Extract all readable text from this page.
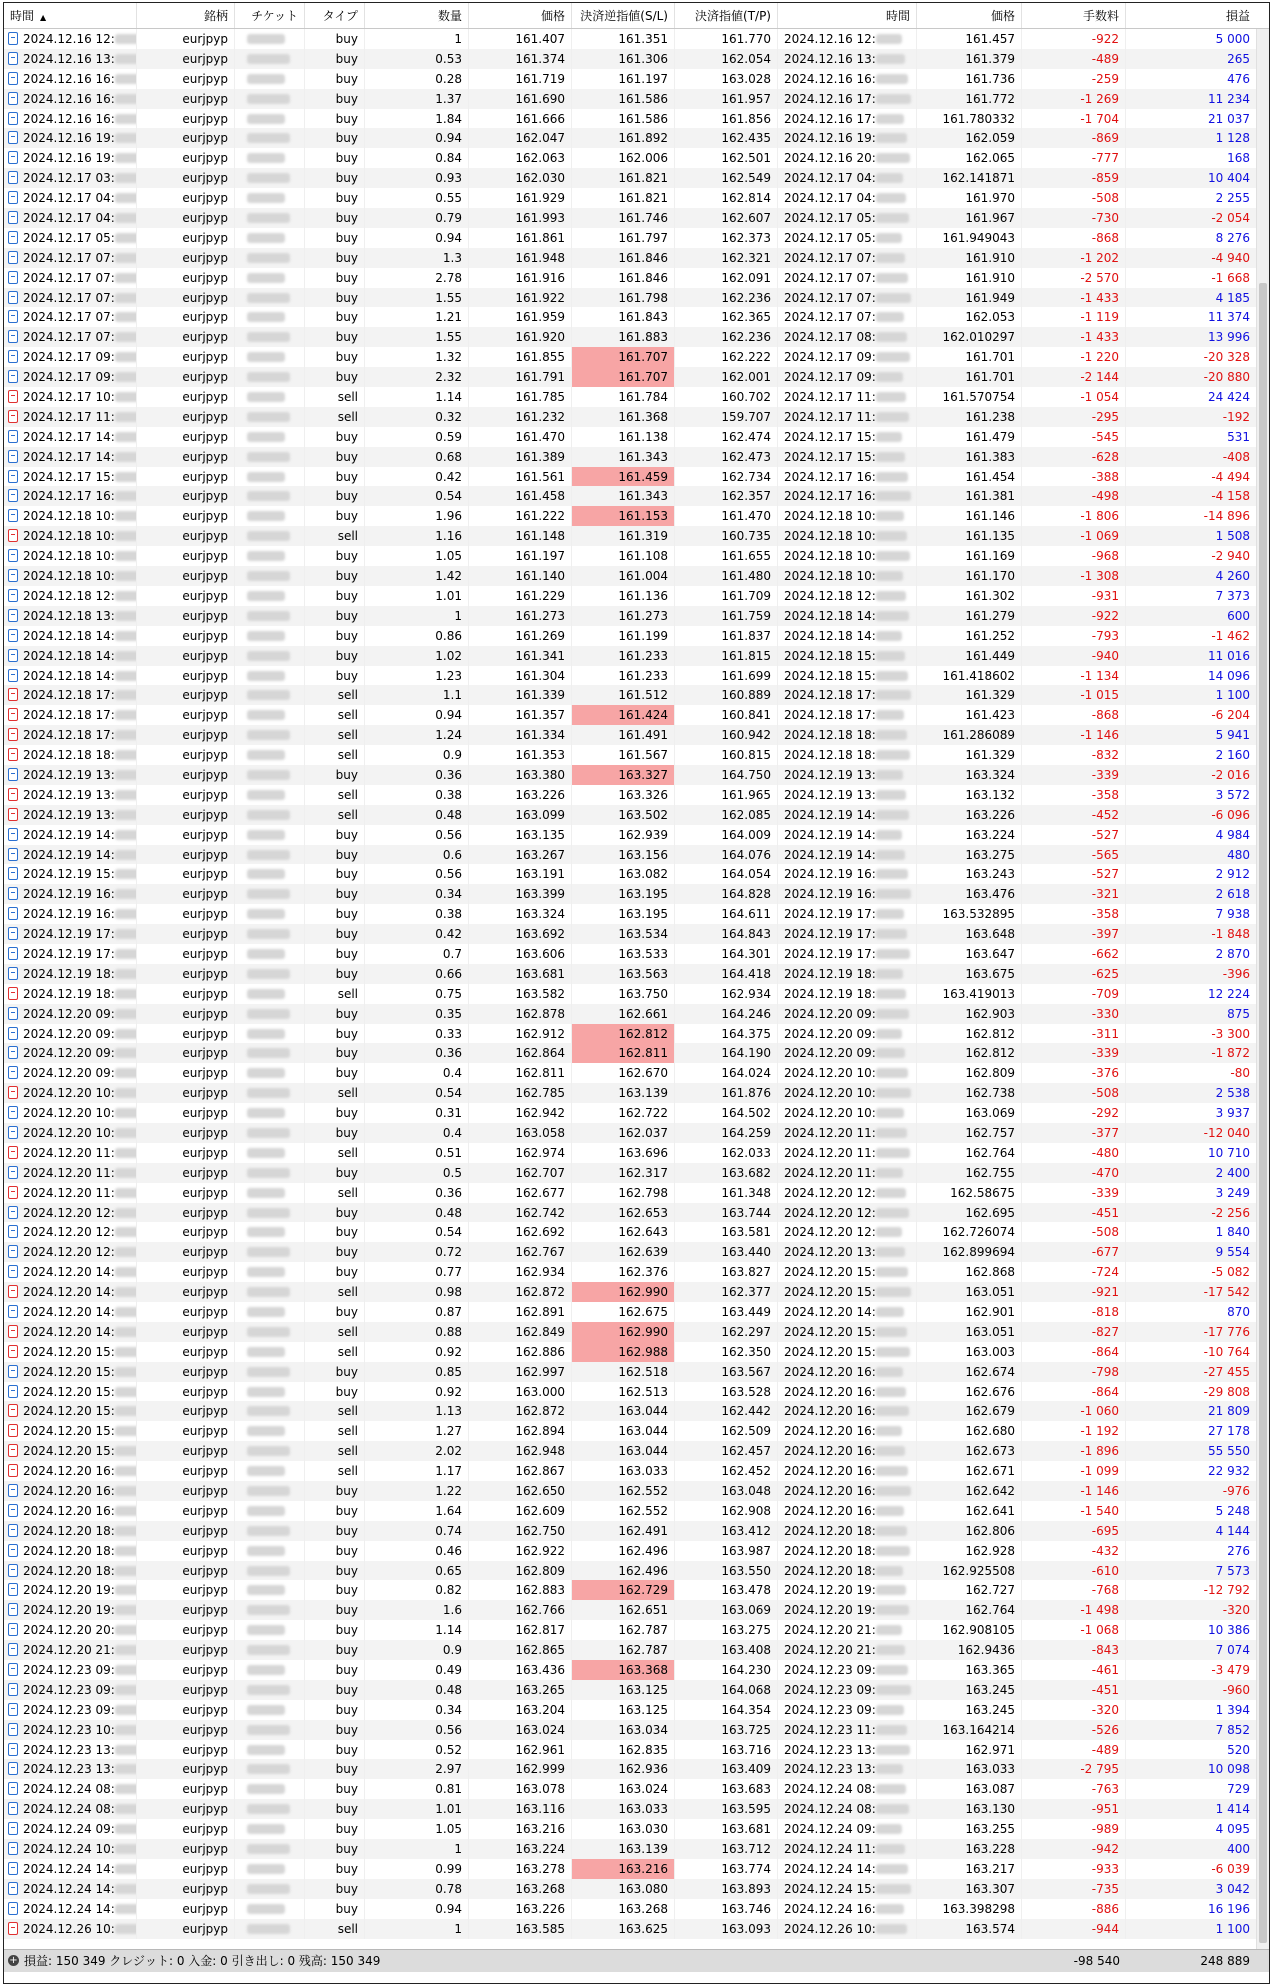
時間 ▲	銘柄	チケット	タイプ	数量	価格	決済逆指値(S/L)	決済指値(T/P)	時間	価格	手数料	損益
2024.12.16 12:	eurjpyp	buy	1	161.407	161.351	161.770	2024.12.16 12:	161.457	-922	5 000
2024.12.16 13:	eurjpyp	buy	0.53	161.374	161.306	162.054	2024.12.16 13:	161.379	-489	265
2024.12.16 16:	eurjpyp	buy	0.28	161.719	161.197	163.028	2024.12.16 16:	161.736	-259	476
2024.12.16 16:	eurjpyp	buy	1.37	161.690	161.586	161.957	2024.12.16 17:	161.772	-1 269	11 234
2024.12.16 16:	eurjpyp	buy	1.84	161.666	161.586	161.856	2024.12.16 17:	161.780332	-1 704	21 037
2024.12.16 19:	eurjpyp	buy	0.94	162.047	161.892	162.435	2024.12.16 19:	162.059	-869	1 128
2024.12.16 19:	eurjpyp	buy	0.84	162.063	162.006	162.501	2024.12.16 20:	162.065	-777	168
2024.12.17 03:	eurjpyp	buy	0.93	162.030	161.821	162.549	2024.12.17 04:	162.141871	-859	10 404
2024.12.17 04:	eurjpyp	buy	0.55	161.929	161.821	162.814	2024.12.17 04:	161.970	-508	2 255
2024.12.17 04:	eurjpyp	buy	0.79	161.993	161.746	162.607	2024.12.17 05:	161.967	-730	-2 054
2024.12.17 05:	eurjpyp	buy	0.94	161.861	161.797	162.373	2024.12.17 05:	161.949043	-868	8 276
2024.12.17 07:	eurjpyp	buy	1.3	161.948	161.846	162.321	2024.12.17 07:	161.910	-1 202	-4 940
2024.12.17 07:	eurjpyp	buy	2.78	161.916	161.846	162.091	2024.12.17 07:	161.910	-2 570	-1 668
2024.12.17 07:	eurjpyp	buy	1.55	161.922	161.798	162.236	2024.12.17 07:	161.949	-1 433	4 185
2024.12.17 07:	eurjpyp	buy	1.21	161.959	161.843	162.365	2024.12.17 07:	162.053	-1 119	11 374
2024.12.17 07:	eurjpyp	buy	1.55	161.920	161.883	162.236	2024.12.17 08:	162.010297	-1 433	13 996
2024.12.17 09:	eurjpyp	buy	1.32	161.855	161.707	162.222	2024.12.17 09:	161.701	-1 220	-20 328
2024.12.17 09:	eurjpyp	buy	2.32	161.791	161.707	162.001	2024.12.17 09:	161.701	-2 144	-20 880
2024.12.17 10:	eurjpyp	sell	1.14	161.785	161.784	160.702	2024.12.17 11:	161.570754	-1 054	24 424
2024.12.17 11:	eurjpyp	sell	0.32	161.232	161.368	159.707	2024.12.17 11:	161.238	-295	-192
2024.12.17 14:	eurjpyp	buy	0.59	161.470	161.138	162.474	2024.12.17 15:	161.479	-545	531
2024.12.17 14:	eurjpyp	buy	0.68	161.389	161.343	162.473	2024.12.17 15:	161.383	-628	-408
2024.12.17 15:	eurjpyp	buy	0.42	161.561	161.459	162.734	2024.12.17 16:	161.454	-388	-4 494
2024.12.17 16:	eurjpyp	buy	0.54	161.458	161.343	162.357	2024.12.17 16:	161.381	-498	-4 158
2024.12.18 10:	eurjpyp	buy	1.96	161.222	161.153	161.470	2024.12.18 10:	161.146	-1 806	-14 896
2024.12.18 10:	eurjpyp	sell	1.16	161.148	161.319	160.735	2024.12.18 10:	161.135	-1 069	1 508
2024.12.18 10:	eurjpyp	buy	1.05	161.197	161.108	161.655	2024.12.18 10:	161.169	-968	-2 940
2024.12.18 10:	eurjpyp	buy	1.42	161.140	161.004	161.480	2024.12.18 10:	161.170	-1 308	4 260
2024.12.18 12:	eurjpyp	buy	1.01	161.229	161.136	161.709	2024.12.18 12:	161.302	-931	7 373
2024.12.18 13:	eurjpyp	buy	1	161.273	161.273	161.759	2024.12.18 14:	161.279	-922	600
2024.12.18 14:	eurjpyp	buy	0.86	161.269	161.199	161.837	2024.12.18 14:	161.252	-793	-1 462
2024.12.18 14:	eurjpyp	buy	1.02	161.341	161.233	161.815	2024.12.18 15:	161.449	-940	11 016
2024.12.18 14:	eurjpyp	buy	1.23	161.304	161.233	161.699	2024.12.18 15:	161.418602	-1 134	14 096
2024.12.18 17:	eurjpyp	sell	1.1	161.339	161.512	160.889	2024.12.18 17:	161.329	-1 015	1 100
2024.12.18 17:	eurjpyp	sell	0.94	161.357	161.424	160.841	2024.12.18 17:	161.423	-868	-6 204
2024.12.18 17:	eurjpyp	sell	1.24	161.334	161.491	160.942	2024.12.18 18:	161.286089	-1 146	5 941
2024.12.18 18:	eurjpyp	sell	0.9	161.353	161.567	160.815	2024.12.18 18:	161.329	-832	2 160
2024.12.19 13:	eurjpyp	buy	0.36	163.380	163.327	164.750	2024.12.19 13:	163.324	-339	-2 016
2024.12.19 13:	eurjpyp	sell	0.38	163.226	163.326	161.965	2024.12.19 13:	163.132	-358	3 572
2024.12.19 13:	eurjpyp	sell	0.48	163.099	163.502	162.085	2024.12.19 14:	163.226	-452	-6 096
2024.12.19 14:	eurjpyp	buy	0.56	163.135	162.939	164.009	2024.12.19 14:	163.224	-527	4 984
2024.12.19 14:	eurjpyp	buy	0.6	163.267	163.156	164.076	2024.12.19 14:	163.275	-565	480
2024.12.19 15:	eurjpyp	buy	0.56	163.191	163.082	164.054	2024.12.19 16:	163.243	-527	2 912
2024.12.19 16:	eurjpyp	buy	0.34	163.399	163.195	164.828	2024.12.19 16:	163.476	-321	2 618
2024.12.19 16:	eurjpyp	buy	0.38	163.324	163.195	164.611	2024.12.19 17:	163.532895	-358	7 938
2024.12.19 17:	eurjpyp	buy	0.42	163.692	163.534	164.843	2024.12.19 17:	163.648	-397	-1 848
2024.12.19 17:	eurjpyp	buy	0.7	163.606	163.533	164.301	2024.12.19 17:	163.647	-662	2 870
2024.12.19 18:	eurjpyp	buy	0.66	163.681	163.563	164.418	2024.12.19 18:	163.675	-625	-396
2024.12.19 18:	eurjpyp	sell	0.75	163.582	163.750	162.934	2024.12.19 18:	163.419013	-709	12 224
2024.12.20 09:	eurjpyp	buy	0.35	162.878	162.661	164.246	2024.12.20 09:	162.903	-330	875
2024.12.20 09:	eurjpyp	buy	0.33	162.912	162.812	164.375	2024.12.20 09:	162.812	-311	-3 300
2024.12.20 09:	eurjpyp	buy	0.36	162.864	162.811	164.190	2024.12.20 09:	162.812	-339	-1 872
2024.12.20 09:	eurjpyp	buy	0.4	162.811	162.670	164.024	2024.12.20 10:	162.809	-376	-80
2024.12.20 10:	eurjpyp	sell	0.54	162.785	163.139	161.876	2024.12.20 10:	162.738	-508	2 538
2024.12.20 10:	eurjpyp	buy	0.31	162.942	162.722	164.502	2024.12.20 10:	163.069	-292	3 937
2024.12.20 10:	eurjpyp	buy	0.4	163.058	162.037	164.259	2024.12.20 11:	162.757	-377	-12 040
2024.12.20 11:	eurjpyp	sell	0.51	162.974	163.696	162.033	2024.12.20 11:	162.764	-480	10 710
2024.12.20 11:	eurjpyp	buy	0.5	162.707	162.317	163.682	2024.12.20 11:	162.755	-470	2 400
2024.12.20 11:	eurjpyp	sell	0.36	162.677	162.798	161.348	2024.12.20 12:	162.58675	-339	3 249
2024.12.20 12:	eurjpyp	buy	0.48	162.742	162.653	163.744	2024.12.20 12:	162.695	-451	-2 256
2024.12.20 12:	eurjpyp	buy	0.54	162.692	162.643	163.581	2024.12.20 12:	162.726074	-508	1 840
2024.12.20 12:	eurjpyp	buy	0.72	162.767	162.639	163.440	2024.12.20 13:	162.899694	-677	9 554
2024.12.20 14:	eurjpyp	buy	0.77	162.934	162.376	163.827	2024.12.20 15:	162.868	-724	-5 082
2024.12.20 14:	eurjpyp	sell	0.98	162.872	162.990	162.377	2024.12.20 15:	163.051	-921	-17 542
2024.12.20 14:	eurjpyp	buy	0.87	162.891	162.675	163.449	2024.12.20 14:	162.901	-818	870
2024.12.20 14:	eurjpyp	sell	0.88	162.849	162.990	162.297	2024.12.20 15:	163.051	-827	-17 776
2024.12.20 15:	eurjpyp	sell	0.92	162.886	162.988	162.350	2024.12.20 15:	163.003	-864	-10 764
2024.12.20 15:	eurjpyp	buy	0.85	162.997	162.518	163.567	2024.12.20 16:	162.674	-798	-27 455
2024.12.20 15:	eurjpyp	buy	0.92	163.000	162.513	163.528	2024.12.20 16:	162.676	-864	-29 808
2024.12.20 15:	eurjpyp	sell	1.13	162.872	163.044	162.442	2024.12.20 16:	162.679	-1 060	21 809
2024.12.20 15:	eurjpyp	sell	1.27	162.894	163.044	162.509	2024.12.20 16:	162.680	-1 192	27 178
2024.12.20 15:	eurjpyp	sell	2.02	162.948	163.044	162.457	2024.12.20 16:	162.673	-1 896	55 550
2024.12.20 16:	eurjpyp	sell	1.17	162.867	163.033	162.452	2024.12.20 16:	162.671	-1 099	22 932
2024.12.20 16:	eurjpyp	buy	1.22	162.650	162.552	163.048	2024.12.20 16:	162.642	-1 146	-976
2024.12.20 16:	eurjpyp	buy	1.64	162.609	162.552	162.908	2024.12.20 16:	162.641	-1 540	5 248
2024.12.20 18:	eurjpyp	buy	0.74	162.750	162.491	163.412	2024.12.20 18:	162.806	-695	4 144
2024.12.20 18:	eurjpyp	buy	0.46	162.922	162.496	163.987	2024.12.20 18:	162.928	-432	276
2024.12.20 18:	eurjpyp	buy	0.65	162.809	162.496	163.550	2024.12.20 18:	162.925508	-610	7 573
2024.12.20 19:	eurjpyp	buy	0.82	162.883	162.729	163.478	2024.12.20 19:	162.727	-768	-12 792
2024.12.20 19:	eurjpyp	buy	1.6	162.766	162.651	163.069	2024.12.20 19:	162.764	-1 498	-320
2024.12.20 20:	eurjpyp	buy	1.14	162.817	162.787	163.275	2024.12.20 21:	162.908105	-1 068	10 386
2024.12.20 21:	eurjpyp	buy	0.9	162.865	162.787	163.408	2024.12.20 21:	162.9436	-843	7 074
2024.12.23 09:	eurjpyp	buy	0.49	163.436	163.368	164.230	2024.12.23 09:	163.365	-461	-3 479
2024.12.23 09:	eurjpyp	buy	0.48	163.265	163.125	164.068	2024.12.23 09:	163.245	-451	-960
2024.12.23 09:	eurjpyp	buy	0.34	163.204	163.125	164.354	2024.12.23 09:	163.245	-320	1 394
2024.12.23 10:	eurjpyp	buy	0.56	163.024	163.034	163.725	2024.12.23 11:	163.164214	-526	7 852
2024.12.23 13:	eurjpyp	buy	0.52	162.961	162.835	163.716	2024.12.23 13:	162.971	-489	520
2024.12.23 13:	eurjpyp	buy	2.97	162.999	162.936	163.409	2024.12.23 13:	163.033	-2 795	10 098
2024.12.24 08:	eurjpyp	buy	0.81	163.078	163.024	163.683	2024.12.24 08:	163.087	-763	729
2024.12.24 08:	eurjpyp	buy	1.01	163.116	163.033	163.595	2024.12.24 08:	163.130	-951	1 414
2024.12.24 09:	eurjpyp	buy	1.05	163.216	163.030	163.681	2024.12.24 09:	163.255	-989	4 095
2024.12.24 10:	eurjpyp	buy	1	163.224	163.139	163.712	2024.12.24 11:	163.228	-942	400
2024.12.24 14:	eurjpyp	buy	0.99	163.278	163.216	163.774	2024.12.24 14:	163.217	-933	-6 039
2024.12.24 14:	eurjpyp	buy	0.78	163.268	163.080	163.893	2024.12.24 15:	163.307	-735	3 042
2024.12.24 14:	eurjpyp	buy	0.94	163.226	163.268	163.746	2024.12.24 16:	163.398298	-886	16 196
2024.12.26 10:	eurjpyp	sell	1	163.585	163.625	163.093	2024.12.26 10:	163.574	-944	1 100
+ 損益: 150 349 クレジット: 0 入金: 0 引き出し: 0 残高: 150 349	-98 540	248 889
